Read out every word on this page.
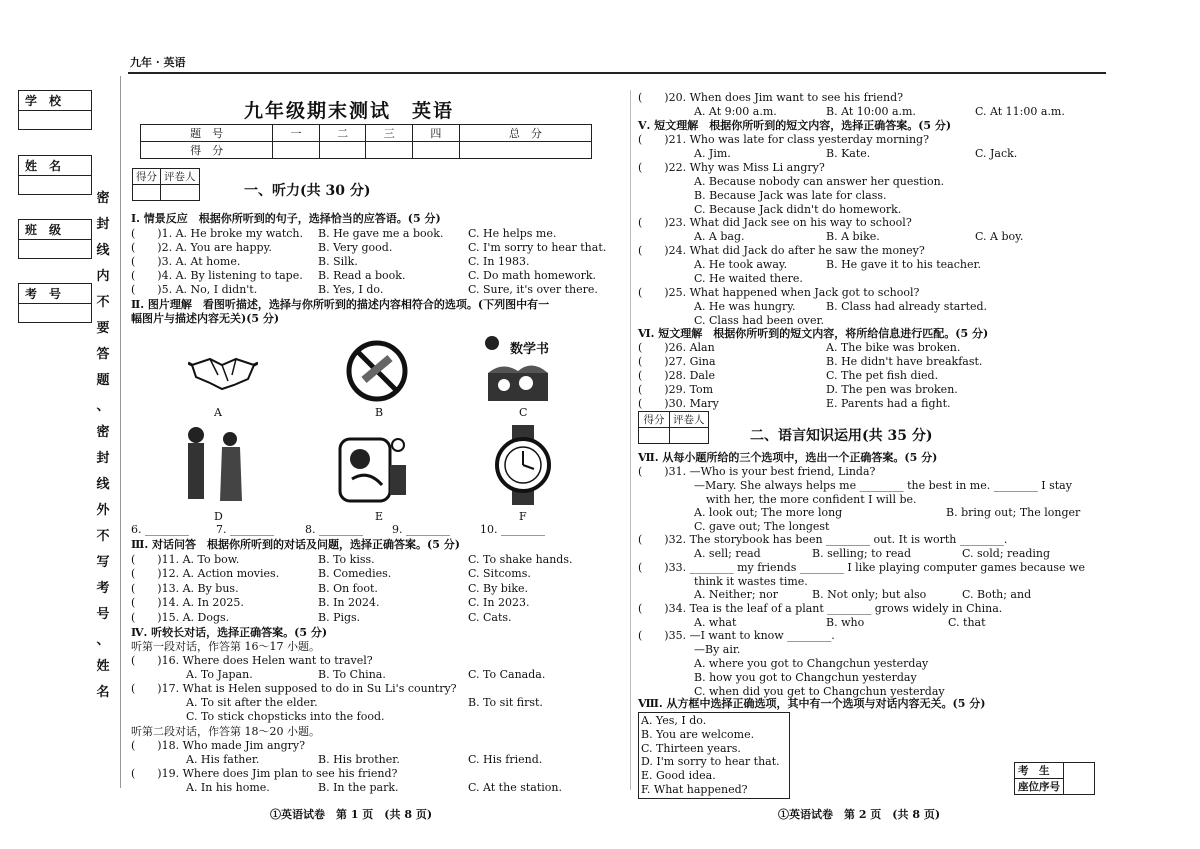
九年 · 英语
学　校
姓　名
班　级
考　号
密
封
线
内
不
要
答
题
、
密
封
线
外
不
写
考
号
、
姓
名
九年级期末测试　英语
题　号	一	二	三	四	总　分
得　分					
得分	评卷人

一、听力(共 30 分)
Ⅰ. 情景反应　根据你所听到的句子，选择恰当的应答语。(5 分)
(　　)1. A. He broke my watch. B. He gave me a book. C. He helps me.
(　　)2. A. You are happy.	B. Very good.	C. I'm sorry to hear that.
(　　)3. A. At home.	B. Silk.	C. In 1983.
(　　)4. A. By listening to tape. B. Read a book.	C. Do math homework.
(　　)5. A. No, I didn't.	B. Yes, I do.	C. Sure, it's over there.
Ⅱ. 图片理解　看图听描述，选择与你所听到的描述内容相符合的选项。(下列图中有一
幅图片与描述内容无关)(5 分)
数学书
A	B	C
D	E	F
6. ________ 7. ________	8. ________	9. ________	10. ________
Ⅲ. 对话问答　根据你所听到的对话及问题，选择正确答案。(5 分)
(　　)11. A. To bow.	B. To kiss.	C. To shake hands.
(　　)12. A. Action movies.	B. Comedies.	C. Sitcoms.
(　　)13. A. By bus.	B. On foot.	C. By bike.
(　　)14. A. In 2025.	B. In 2024.	C. In 2023.
(　　)15. A. Dogs.	B. Pigs.	C. Cats.
Ⅳ. 听较长对话，选择正确答案。(5 分)
听第一段对话，作答第 16～17 小题。
(　　)16. Where does Helen want to travel?
A. To Japan.	B. To China.	C. To Canada.
(　　)17. What is Helen supposed to do in Su Li's country?
A. To sit after the elder.	B. To sit first.
C. To stick chopsticks into the food.
听第二段对话，作答第 18～20 小题。
(　　)18. Who made Jim angry?
A. His father.	B. His brother.	C. His friend.
(　　)19. Where does Jim plan to see his friend?
A. In his home.	B. In the park.	C. At the station.
①英语试卷　第 1 页　(共 8 页)
(　　)20. When does Jim want to see his friend?
A. At 9:00 a.m.	B. At 10:00 a.m.	C. At 11:00 a.m.
Ⅴ. 短文理解　根据你所听到的短文内容，选择正确答案。(5 分)
(　　)21. Who was late for class yesterday morning?
A. Jim.	B. Kate.	C. Jack.
(　　)22. Why was Miss Li angry?
A. Because nobody can answer her question.
B. Because Jack was late for class.
C. Because Jack didn't do homework.
(　　)23. What did Jack see on his way to school?
A. A bag.	B. A bike.	C. A boy.
(　　)24. What did Jack do after he saw the money?
A. He took away.	B. He gave it to his teacher.
C. He waited there.
(　　)25. What happened when Jack got to school?
A. He was hungry.	B. Class had already started.
C. Class had been over.
Ⅵ. 短文理解　根据你所听到的短文内容，将所给信息进行匹配。(5 分)
(　　)26. Alan	A. The bike was broken.
(　　)27. Gina	B. He didn't have breakfast.
(　　)28. Dale	C. The pet fish died.
(　　)29. Tom	D. The pen was broken.
(　　)30. Mary	E. Parents had a fight.
得分	评卷人

二、语言知识运用(共 35 分)
Ⅶ. 从每小题所给的三个选项中，选出一个正确答案。(5 分)
(　　)31. —Who is your best friend, Linda?
—Mary. She always helps me ________ the best in me. ________ I stay
with her, the more confident I will be.
A. look out; The more long	B. bring out; The longer
C. gave out; The longest
(　　)32. The storybook has been ________ out. It is worth ________.
A. sell; read	B. selling; to read	C. sold; reading
(　　)33. ________ my friends ________ I like playing computer games because we
think it wastes time.
A. Neither; nor	B. Not only; but also	C. Both; and
(　　)34. Tea is the leaf of a plant ________ grows widely in China.
A. what	B. who	C. that
(　　)35. —I want to know ________.
—By air.
A. where you got to Changchun yesterday
B. how you got to Changchun yesterday
C. when did you get to Changchun yesterday
Ⅷ. 从方框中选择正确选项，其中有一个选项与对话内容无关。(5 分)
A. Yes, I do.
B. You are welcome.
C. Thirteen years.
D. I'm sorry to hear that.
E. Good idea.
F. What happened?
考　生	
座位序号
①英语试卷　第 2 页　(共 8 页)
